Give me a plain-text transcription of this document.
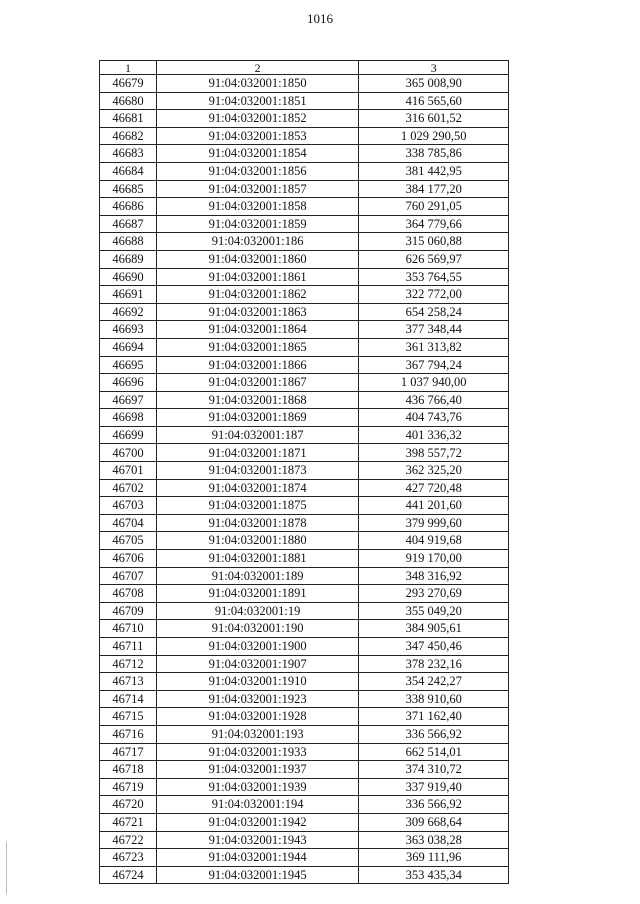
1016
1	2	3
46679	91:04:032001:1850	365 008,90
46680	91:04:032001:1851	416 565,60
46681	91:04:032001:1852	316 601,52
46682	91:04:032001:1853	1 029 290,50
46683	91:04:032001:1854	338 785,86
46684	91:04:032001:1856	381 442,95
46685	91:04:032001:1857	384 177,20
46686	91:04:032001:1858	760 291,05
46687	91:04:032001:1859	364 779,66
46688	91:04:032001:186	315 060,88
46689	91:04:032001:1860	626 569,97
46690	91:04:032001:1861	353 764,55
46691	91:04:032001:1862	322 772,00
46692	91:04:032001:1863	654 258,24
46693	91:04:032001:1864	377 348,44
46694	91:04:032001:1865	361 313,82
46695	91:04:032001:1866	367 794,24
46696	91:04:032001:1867	1 037 940,00
46697	91:04:032001:1868	436 766,40
46698	91:04:032001:1869	404 743,76
46699	91:04:032001:187	401 336,32
46700	91:04:032001:1871	398 557,72
46701	91:04:032001:1873	362 325,20
46702	91:04:032001:1874	427 720,48
46703	91:04:032001:1875	441 201,60
46704	91:04:032001:1878	379 999,60
46705	91:04:032001:1880	404 919,68
46706	91:04:032001:1881	919 170,00
46707	91:04:032001:189	348 316,92
46708	91:04:032001:1891	293 270,69
46709	91:04:032001:19	355 049,20
46710	91:04:032001:190	384 905,61
46711	91:04:032001:1900	347 450,46
46712	91:04:032001:1907	378 232,16
46713	91:04:032001:1910	354 242,27
46714	91:04:032001:1923	338 910,60
46715	91:04:032001:1928	371 162,40
46716	91:04:032001:193	336 566,92
46717	91:04:032001:1933	662 514,01
46718	91:04:032001:1937	374 310,72
46719	91:04:032001:1939	337 919,40
46720	91:04:032001:194	336 566,92
46721	91:04:032001:1942	309 668,64
46722	91:04:032001:1943	363 038,28
46723	91:04:032001:1944	369 111,96
46724	91:04:032001:1945	353 435,34
